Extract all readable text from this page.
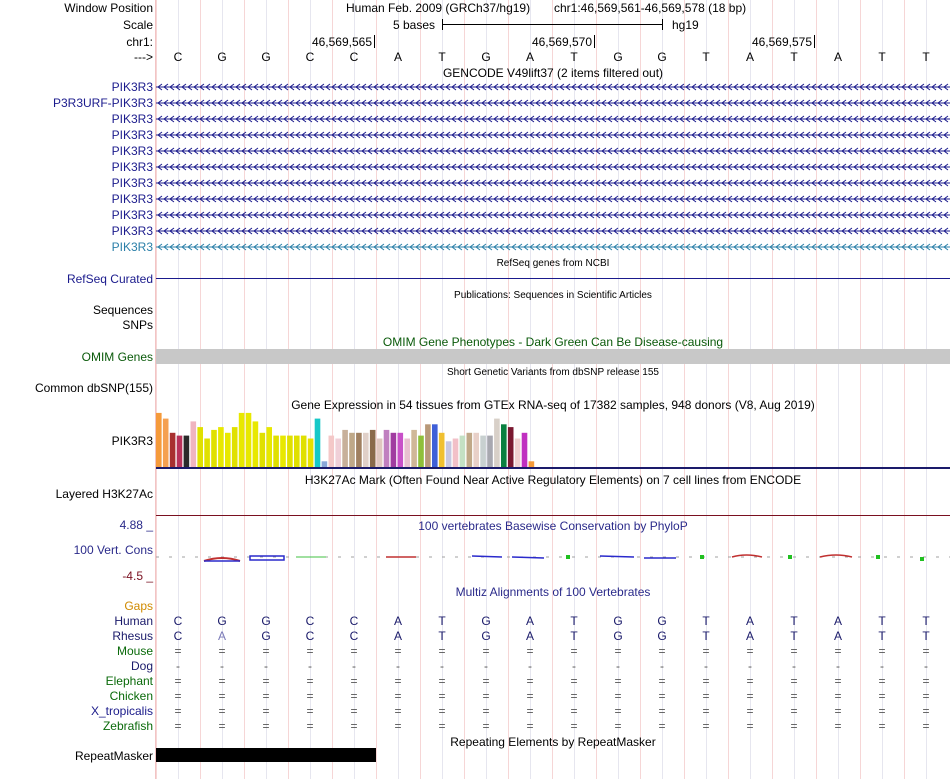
Window Position	Human Feb. 2009 (GRCh37/hg19) chr1:46,569,561-46,569,578 (18 bp)
Scale	5 bases	hg19
chr1:	46,569,565	46,569,570	46,569,575
--->	C	G	G	C	C	A	T	G	A	T	G	G	T	A	T	A	T	T
GENCODE V49lift37 (2 items filtered out)
PIK3R3
P3R3URF-PIK3R3
PIK3R3
PIK3R3
PIK3R3
PIK3R3
PIK3R3
PIK3R3
PIK3R3
PIK3R3
PIK3R3
RefSeq genes from NCBI
RefSeq Curated
Publications: Sequences in Scientific Articles
Sequences
SNPs
OMIM Gene Phenotypes - Dark Green Can Be Disease-causing
OMIM Genes
Short Genetic Variants from dbSNP release 155
Common dbSNP(155)
Gene Expression in 54 tissues from GTEx RNA-seq of 17382 samples, 948 donors (V8, Aug 2019)
PIK3R3
H3K27Ac Mark (Often Found Near Active Regulatory Elements) on 7 cell lines from ENCODE
Layered H3K27Ac
100 vertebrates Basewise Conservation by PhyloP
4.88 _
100 Vert. Cons
-4.5 _
Multiz Alignments of 100 Vertebrates
Gaps
Human	C	G	G	C	C	A	T	G	A	T	G	G	T	A	T	A	T	T
Rhesus	C	A	G	C	C	A	T	G	A	T	G	G	T	A	T	A	T	T
Mouse	=	=	=	=	=	=	=	=	=	=	=	=	=	=	=	=	=	=
Dog	-	-	-	-	-	-	-	-	-	-	-	-	-	-	-	-	-	-
Elephant	=	=	=	=	=	=	=	=	=	=	=	=	=	=	=	=	=	=
Chicken	=	=	=	=	=	=	=	=	=	=	=	=	=	=	=	=	=	=
X_tropicalis	=	=	=	=	=	=	=	=	=	=	=	=	=	=	=	=	=	=
Zebrafish	=	=	=	=	=	=	=	=	=	=	=	=	=	=	=	=	=	=
Repeating Elements by RepeatMasker
RepeatMasker
